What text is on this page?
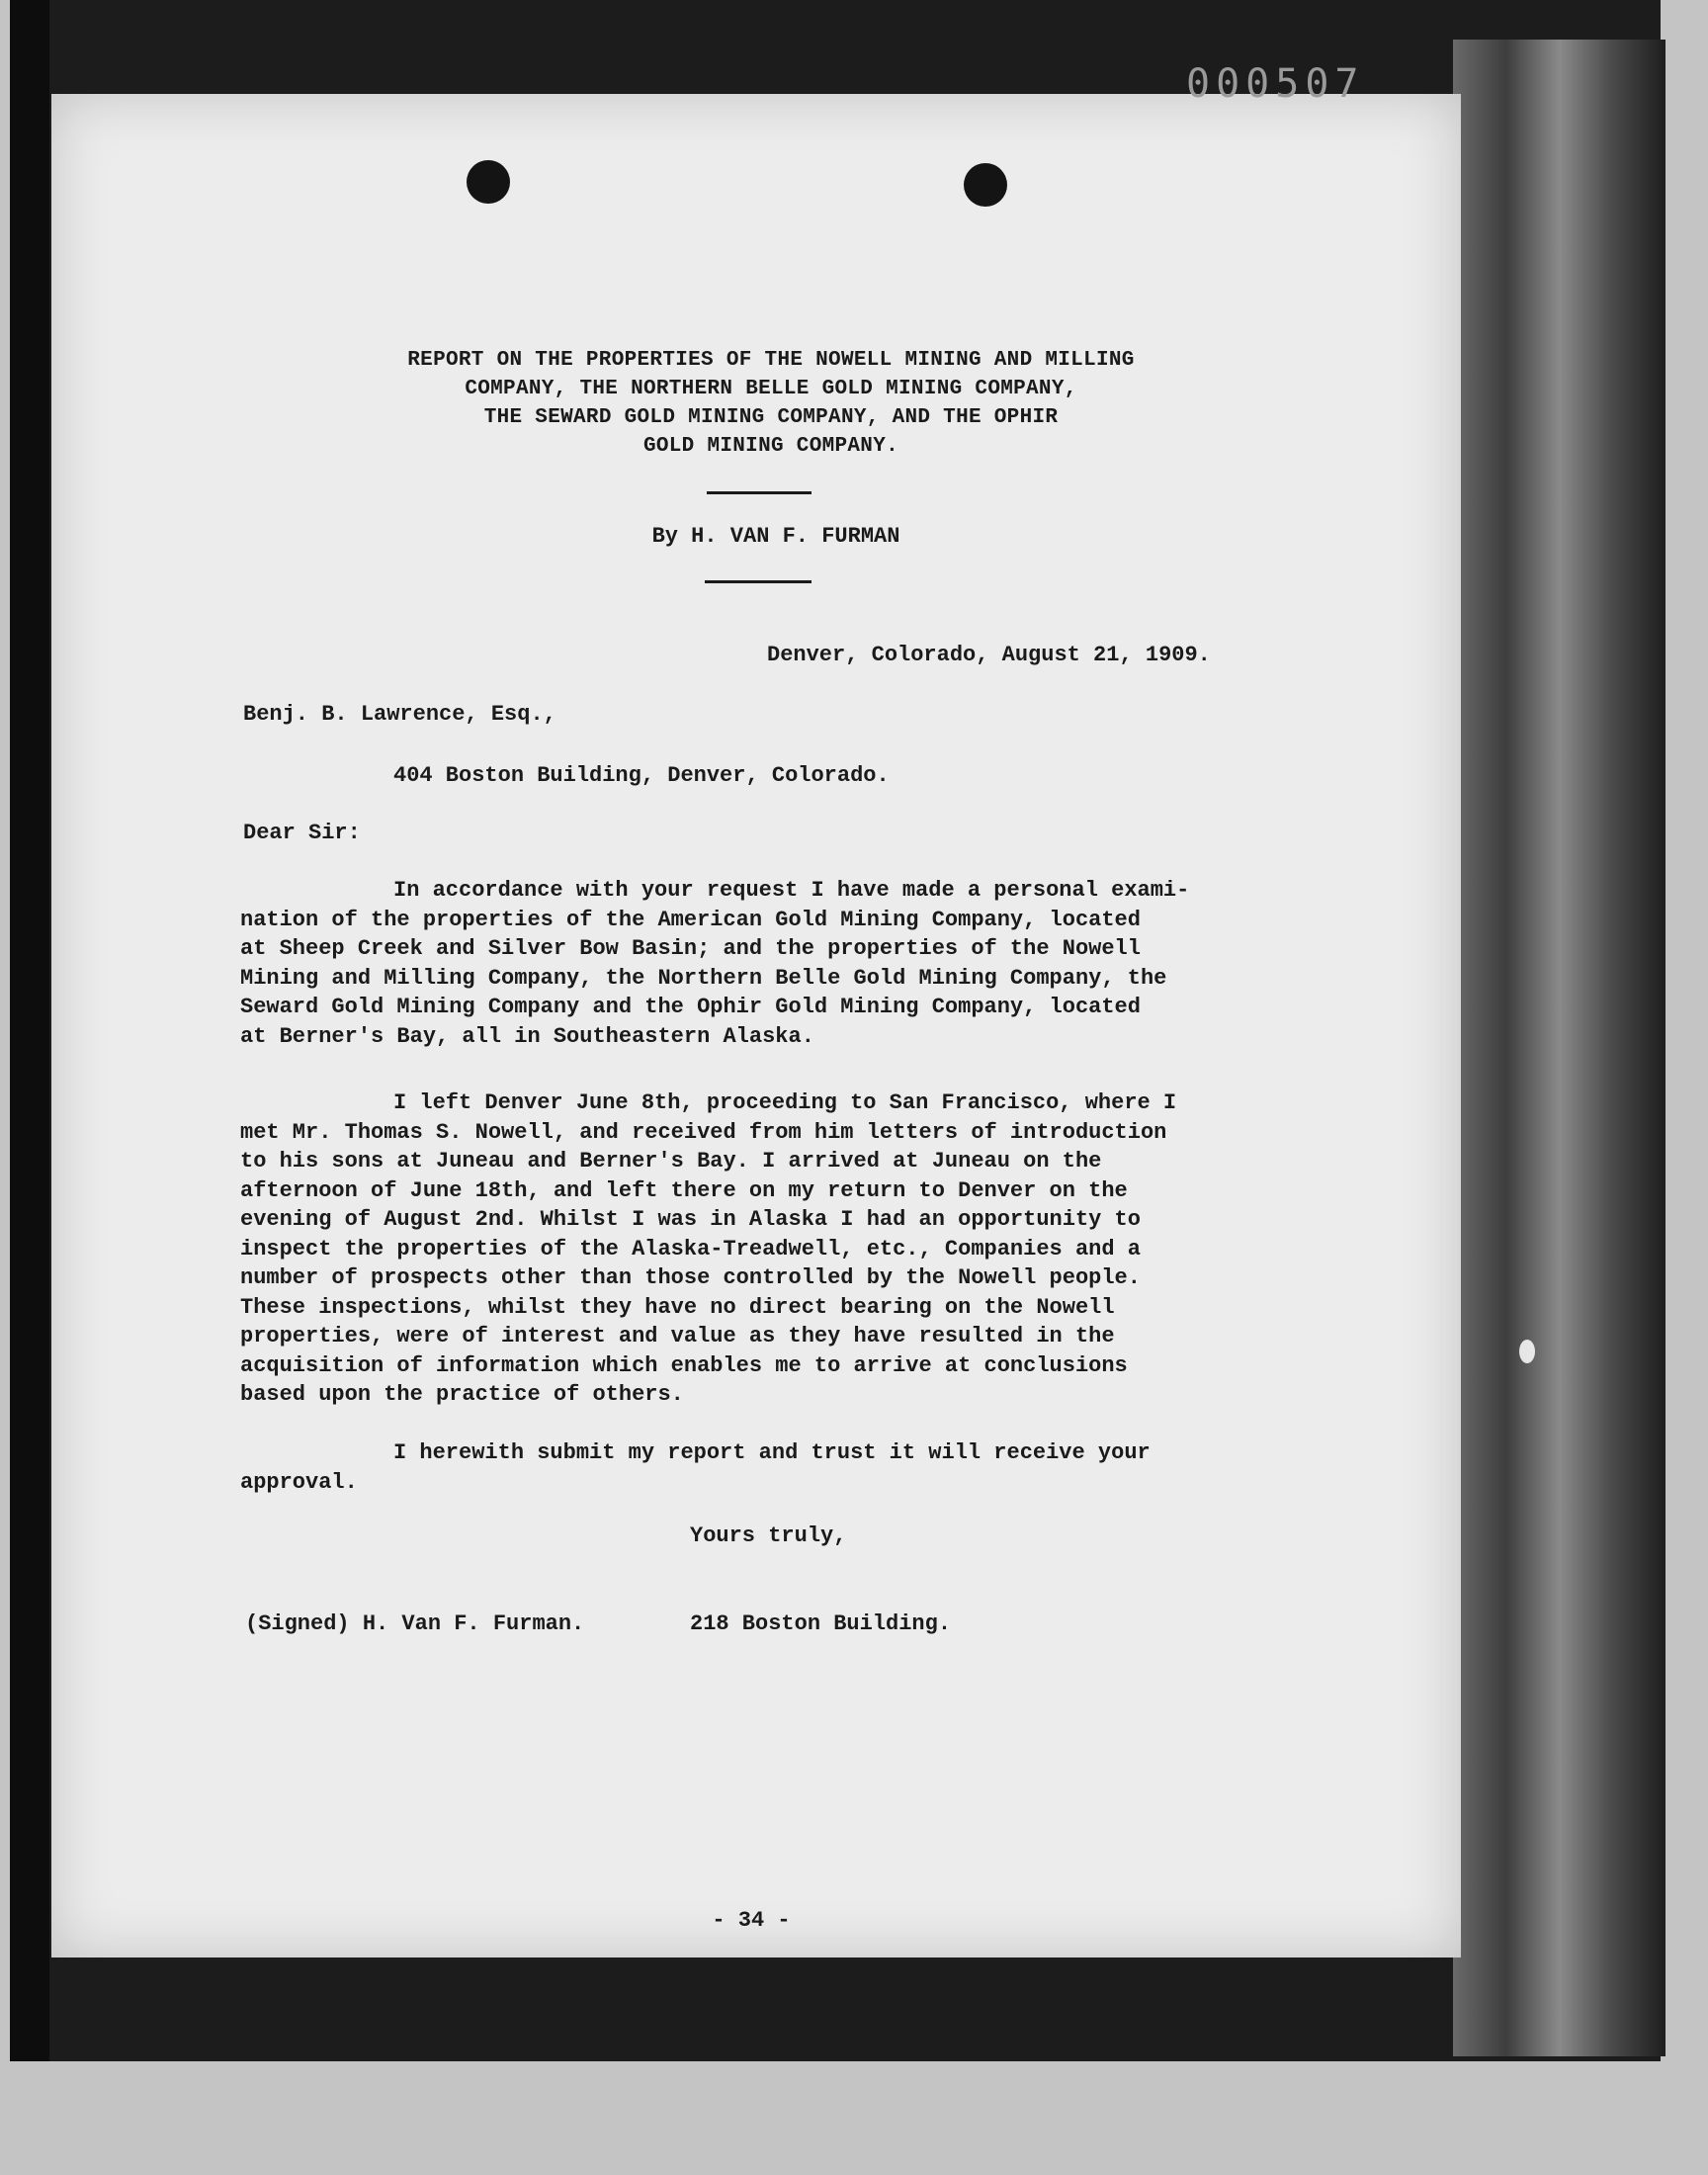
000507
REPORT ON THE PROPERTIES OF THE NOWELL MINING AND MILLING
COMPANY, THE NORTHERN BELLE GOLD MINING COMPANY,
THE SEWARD GOLD MINING COMPANY, AND THE OPHIR
GOLD MINING COMPANY.
By H. VAN F. FURMAN
Denver, Colorado, August 21, 1909.
Benj. B. Lawrence, Esq.,
404 Boston Building, Denver, Colorado.
Dear Sir:
In accordance with your request I have made a personal exami-
nation of the properties of the American Gold Mining Company, located
at Sheep Creek and Silver Bow Basin; and the properties of the Nowell
Mining and Milling Company, the Northern Belle Gold Mining Company, the
Seward Gold Mining Company and the Ophir Gold Mining Company, located
at Berner's Bay, all in Southeastern Alaska.
I left Denver June 8th, proceeding to San Francisco, where I
met Mr. Thomas S. Nowell, and received from him letters of introduction
to his sons at Juneau and Berner's Bay. I arrived at Juneau on the
afternoon of June 18th, and left there on my return to Denver on the
evening of August 2nd. Whilst I was in Alaska I had an opportunity to
inspect the properties of the Alaska-Treadwell, etc., Companies and a
number of prospects other than those controlled by the Nowell people.
These inspections, whilst they have no direct bearing on the Nowell
properties, were of interest and value as they have resulted in the
acquisition of information which enables me to arrive at conclusions
based upon the practice of others.
I herewith submit my report and trust it will receive your
approval.
Yours truly,
(Signed) H. Van F. Furman.	218 Boston Building.
- 34 -
